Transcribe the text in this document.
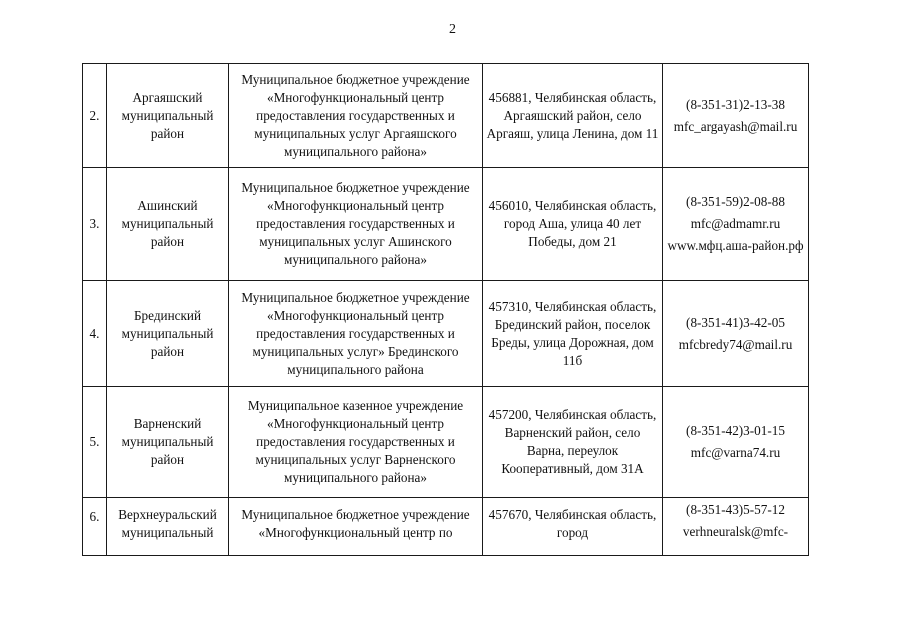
2
2.	Аргаяшский муниципальный район	Муниципальное бюджетное учреждение «Многофункциональный центр предоставления государственных и муниципальных услуг Аргаяшского муниципального района»	456881, Челябинская область, Аргаяшский район, село Аргаяш, улица Ленина, дом 11	(8-351-31)2-13-38
mfc_argayash@mail.ru

3.	Ашинский муниципальный район	Муниципальное бюджетное учреждение «Многофункциональный центр предоставления государственных и муниципальных услуг Ашинского муниципального района»	456010, Челябинская область, город Аша, улица 40 лет Победы, дом 21	(8-351-59)2-08-88
mfc@admamr.ru
www.мфц.аша-район.рф

4.	Брединский муниципальный район	Муниципальное бюджетное учреждение «Многофункциональный центр предоставления государственных и муниципальных услуг» Брединского муниципального района	457310, Челябинская область, Брединский район, поселок Бреды, улица Дорожная, дом 11б	(8-351-41)3-42-05
mfcbredy74@mail.ru

5.	Варненский муниципальный район	Муниципальное казенное учреждение «Многофункциональный центр предоставления государственных и муниципальных услуг Варненского муниципального района»	457200, Челябинская область, Варненский район, село Варна, переулок Кооперативный, дом 31А	(8-351-42)3-01-15
mfc@varna74.ru

6.	Верхнеуральский муниципальный	Муниципальное бюджетное учреждение «Многофункциональный центр по	457670, Челябинская область, город	(8-351-43)5-57-12
verhneuralsk@mfc-
